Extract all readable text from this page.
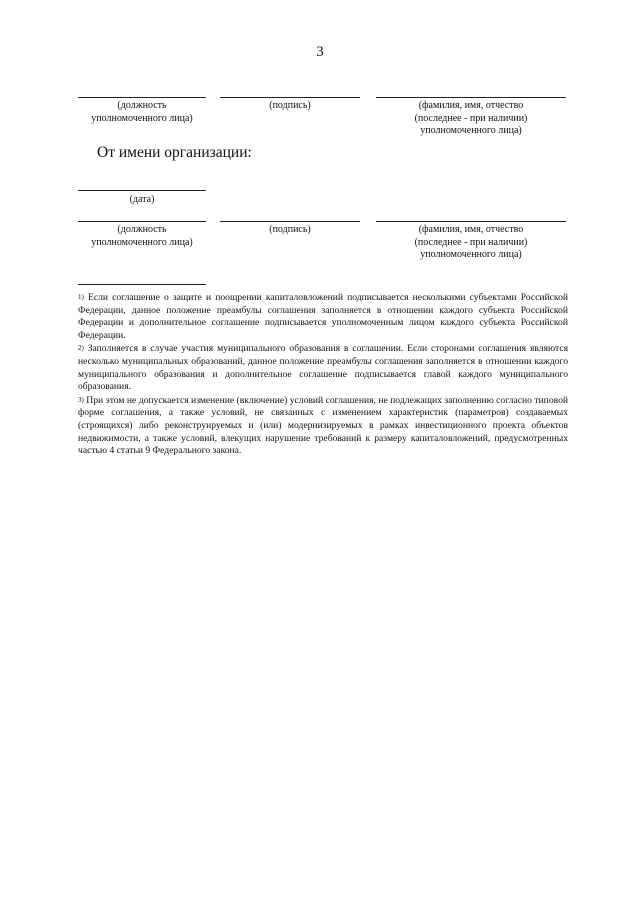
3
(должность
уполномоченного лица)
(подпись)	(фамилия, имя, отчество
(последнее - при наличии)
уполномоченного лица)
От имени организации:
(дата)
(должность
уполномоченного лица)
(подпись)	(фамилия, имя, отчество
(последнее - при наличии)
уполномоченного лица)

$^{1)}$ Если соглашение о защите и поощрении капиталовложений подписывается несколькими субъектами Российской Федерации, данное положение преамбулы соглашения заполняется в отношении каждого субъекта Российской Федерации и дополнительное соглашение подписывается уполномоченным лицом каждого субъекта Российской Федерации.

$^{2)}$ Заполняется в случае участия муниципального образования в соглашении. Если сторонами соглашения являются несколько муниципальных образований, данное положение преамбулы соглашения заполняется в отношении каждого муниципального образования и дополнительное соглашение подписывается главой каждого муниципального образования.

$^{3)}$ При этом не допускается изменение (включение) условий соглашения, не подлежащих заполнению согласно типовой форме соглашения, а также условий, не связанных с изменением характеристик (параметров) создаваемых (строящихся) либо реконструируемых и (или) модернизируемых в рамках инвестиционного проекта объектов недвижимости, а также условий, влекущих нарушение требований к размеру капиталовложений, предусмотренных частью 4 статьи 9 Федерального закона.
